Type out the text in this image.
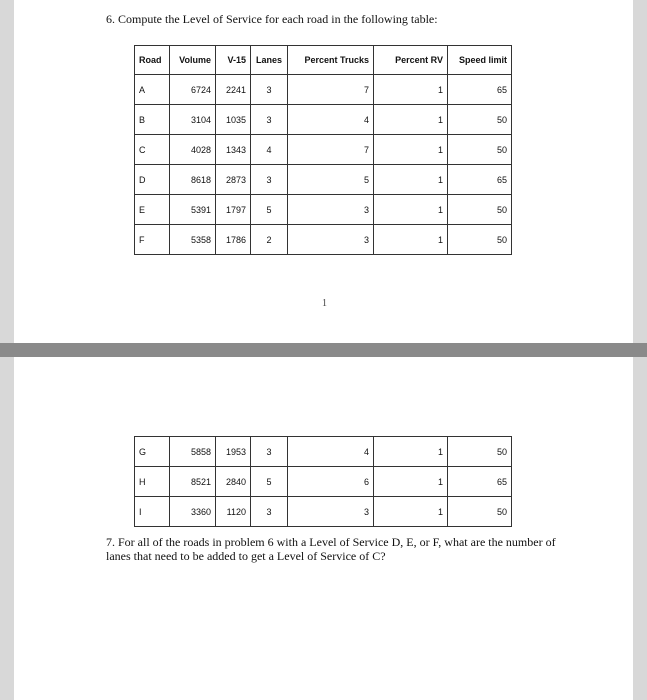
6. Compute the Level of Service for each road in the following table:
Road	Volume	V-15	Lanes	Percent Trucks	Percent RV	Speed limit
A	6724	2241	3	7	1	65
B	3104	1035	3	4	1	50
C	4028	1343	4	7	1	50
D	8618	2873	3	5	1	65
E	5391	1797	5	3	1	50
F	5358	1786	2	3	1	50
1
G	5858	1953	3	4	1	50
H	8521	2840	5	6	1	65
I	3360	1120	3	3	1	50
7. For all of the roads in problem 6 with a Level of Service D, E, or F, what are the number of lanes that need to be added to get a Level of Service of C?
